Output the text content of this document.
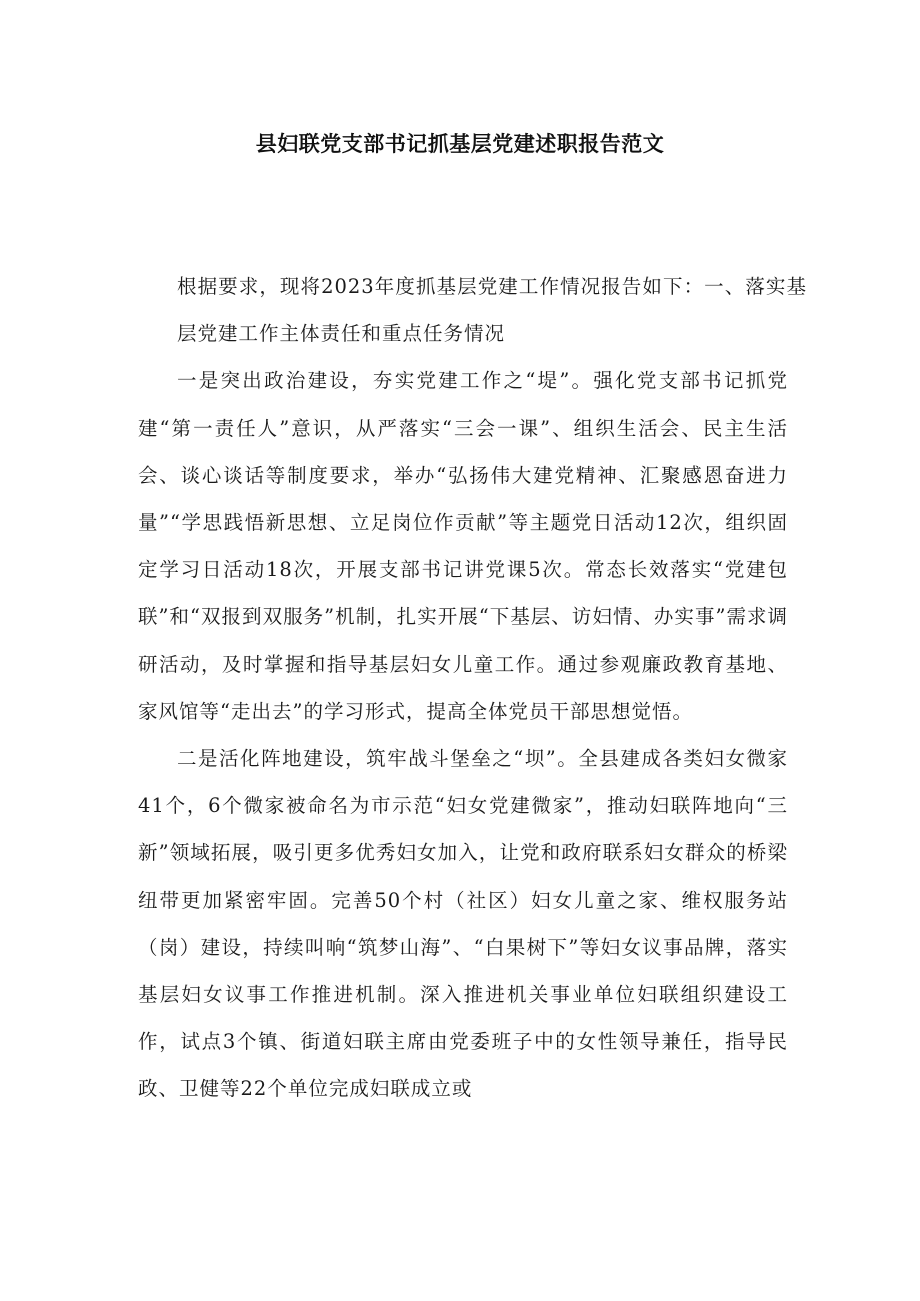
县妇联党支部书记抓基层党建述职报告范文

根据要求，现将2023年度抓基层党建工作情况报告如下：一、落实基层党建工作主体责任和重点任务情况

一是突出政治建设，夯实党建工作之“堤”。强化党支部书记抓党建“第一责任人”意识，从严落实“三会一课”、组织生活会、民主生活会、谈心谈话等制度要求，举办“弘扬伟大建党精神、汇聚感恩奋进力量”“学思践悟新思想、立足岗位作贡献”等主题党日活动12次，组织固定学习日活动18次，开展支部书记讲党课5次。常态长效落实“党建包联”和“双报到双服务”机制，扎实开展“下基层、访妇情、办实事”需求调研活动，及时掌握和指导基层妇女儿童工作。通过参观廉政教育基地、家风馆等“走出去”的学习形式，提高全体党员干部思想觉悟。

二是活化阵地建设，筑牢战斗堡垒之“坝”。全县建成各类妇女微家41个，6个微家被命名为市示范“妇女党建微家”，推动妇联阵地向“三新”领域拓展，吸引更多优秀妇女加入，让党和政府联系妇女群众的桥梁纽带更加紧密牢固。完善50个村（社区）妇女儿童之家、维权服务站（岗）建设，持续叫响“筑梦山海”、“白果树下”等妇女议事品牌，落实基层妇女议事工作推进机制。深入推进机关事业单位妇联组织建设工作，试点3个镇、街道妇联主席由党委班子中的女性领导兼任，指导民政、卫健等22个单位完成妇联成立或
